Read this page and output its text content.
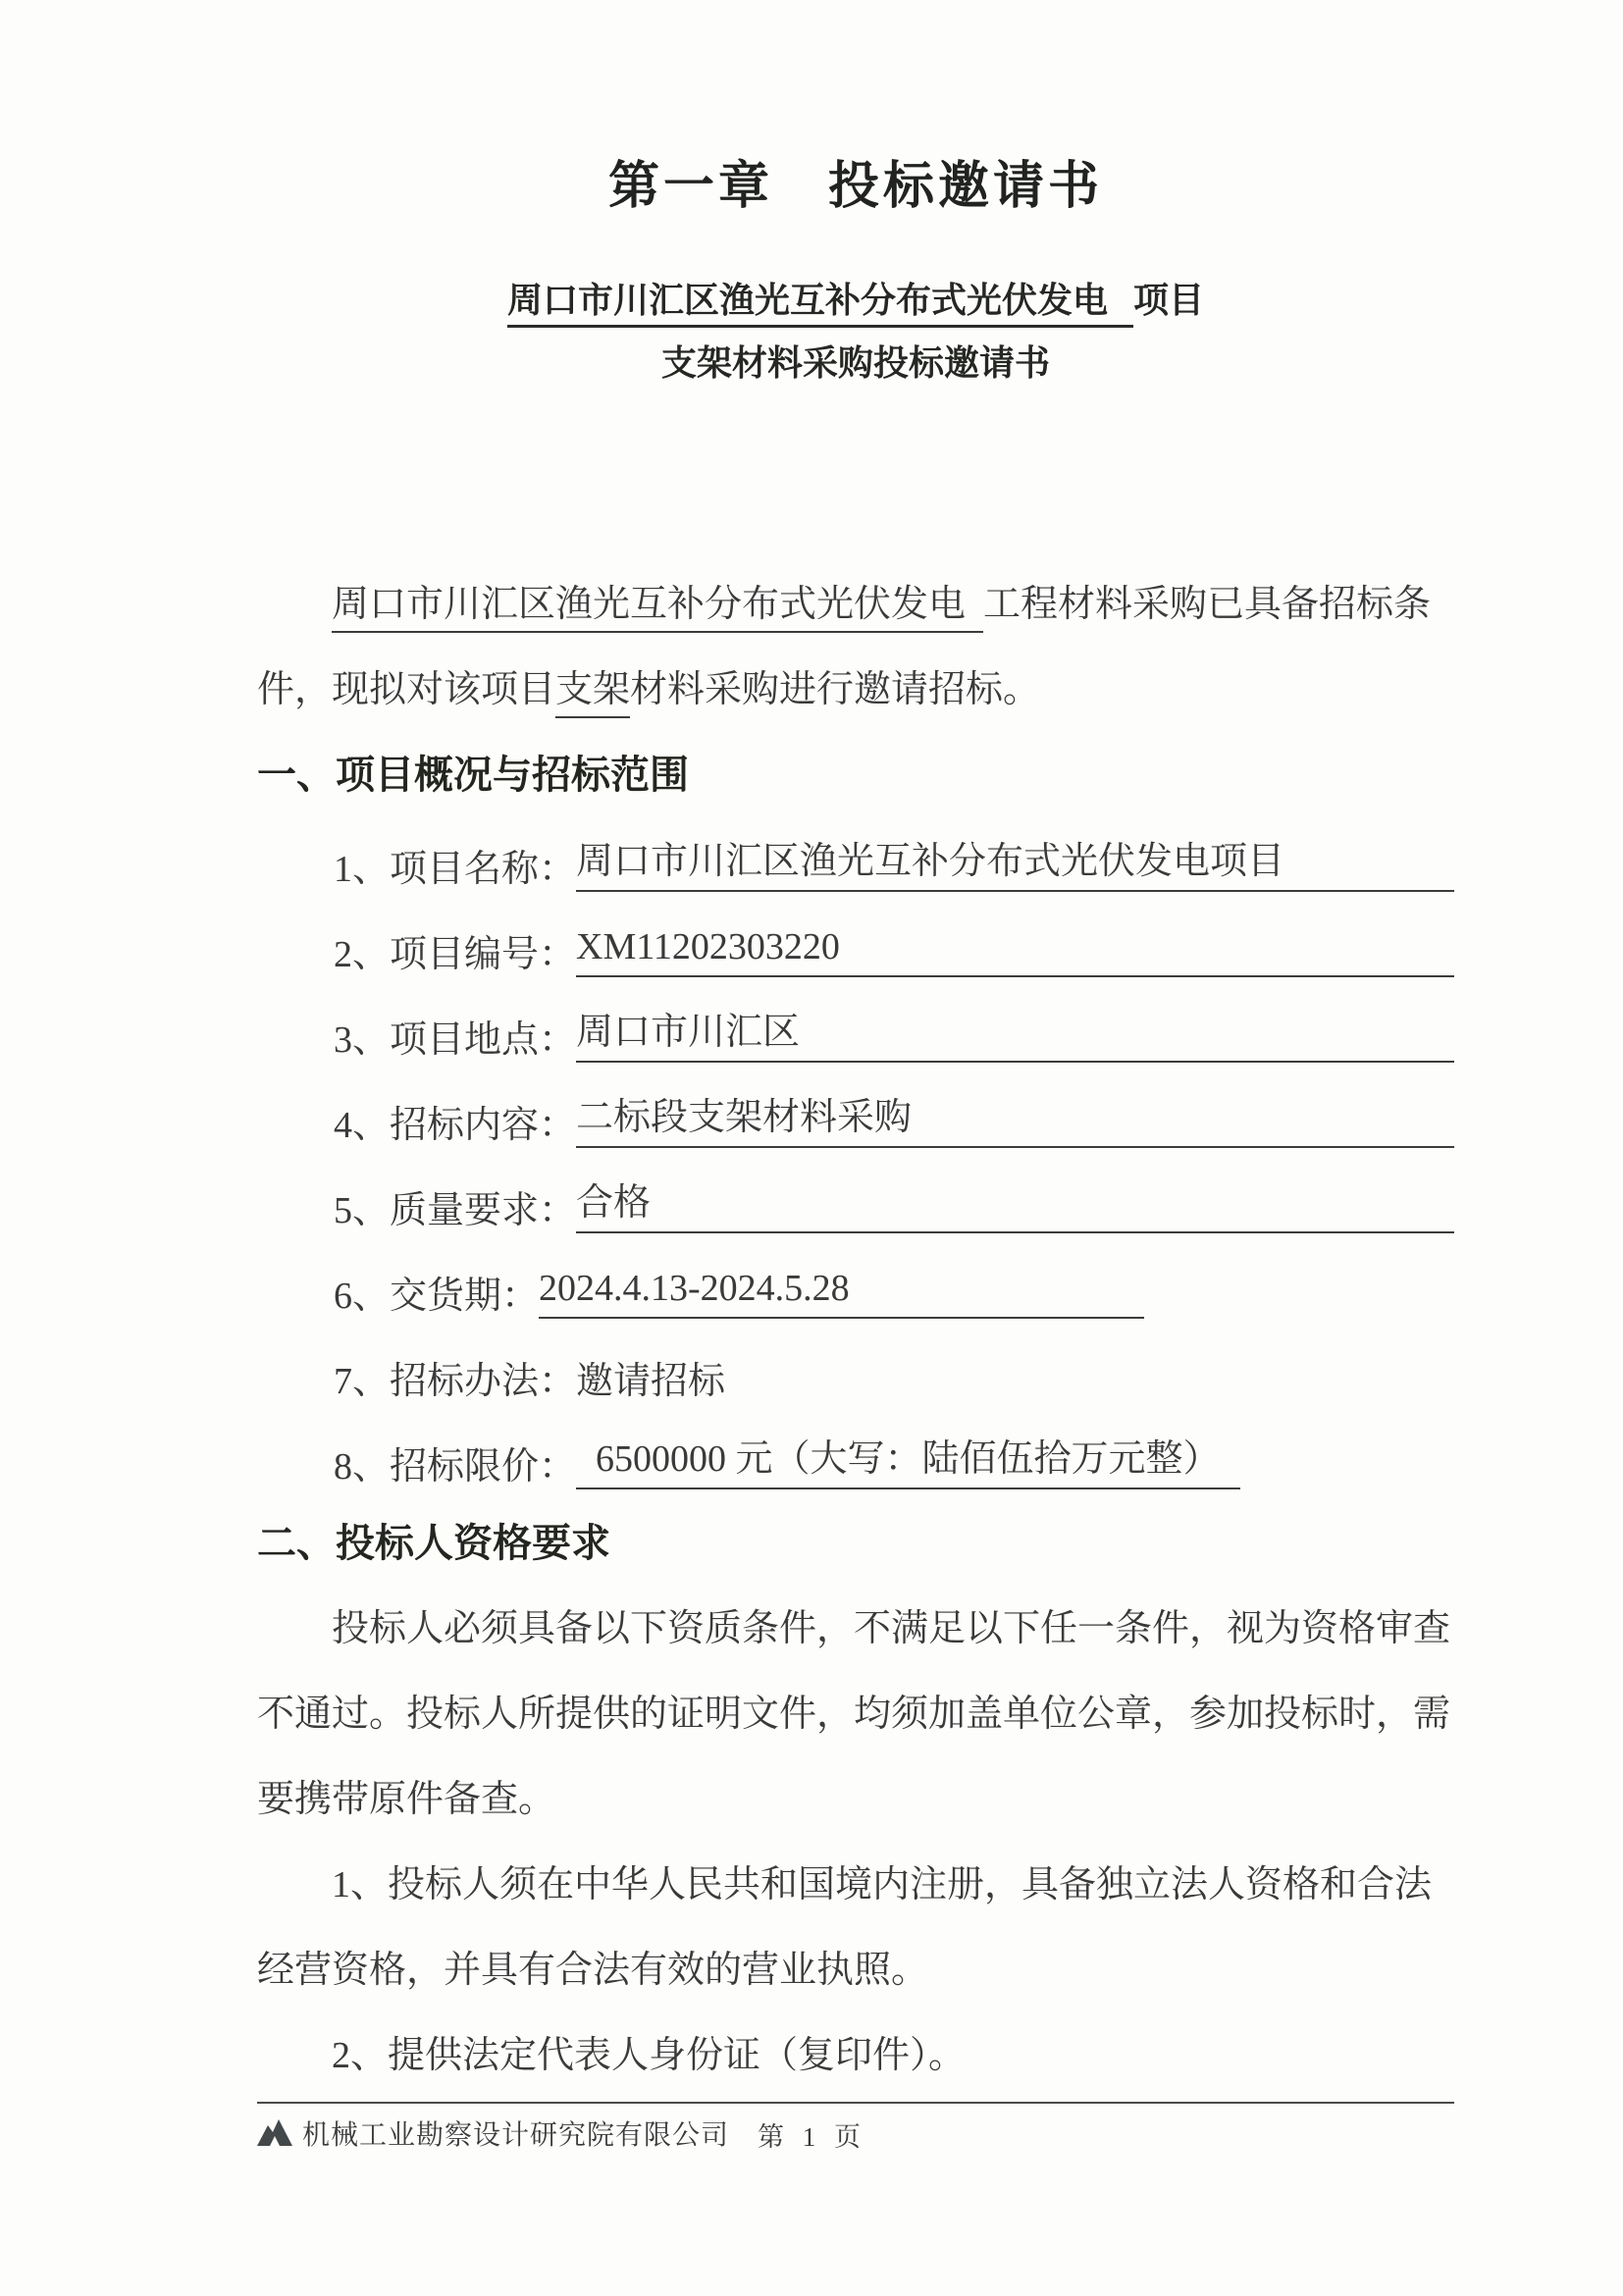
第一章　投标邀请书
周口市川汇区渔光互补分布式光伏发电 项目
支架材料采购投标邀请书

周口市川汇区渔光互补分布式光伏发电 工程材料采购已具备招标条件，现拟对该项目支架材料采购进行邀请招标。

一、项目概况与招标范围
1、项目名称： 周口市川汇区渔光互补分布式光伏发电项目
2、项目编号： XM11202303220
3、项目地点： 周口市川汇区
4、招标内容： 二标段支架材料采购
5、质量要求： 合格
6、交货期： 2024.4.13-2024.5.28
7、招标办法： 邀请招标
8、招标限价： 6500000 元（大写：陆佰伍拾万元整）
二、投标人资格要求

投标人必须具备以下资质条件，不满足以下任一条件，视为资格审查不通过。投标人所提供的证明文件，均须加盖单位公章，参加投标时，需要携带原件备查。

1、投标人须在中华人民共和国境内注册，具备独立法人资格和合法经营资格，并具有合法有效的营业执照。

2、提供法定代表人身份证（复印件）。

机械工业勘察设计研究院有限公司 第 1 页
